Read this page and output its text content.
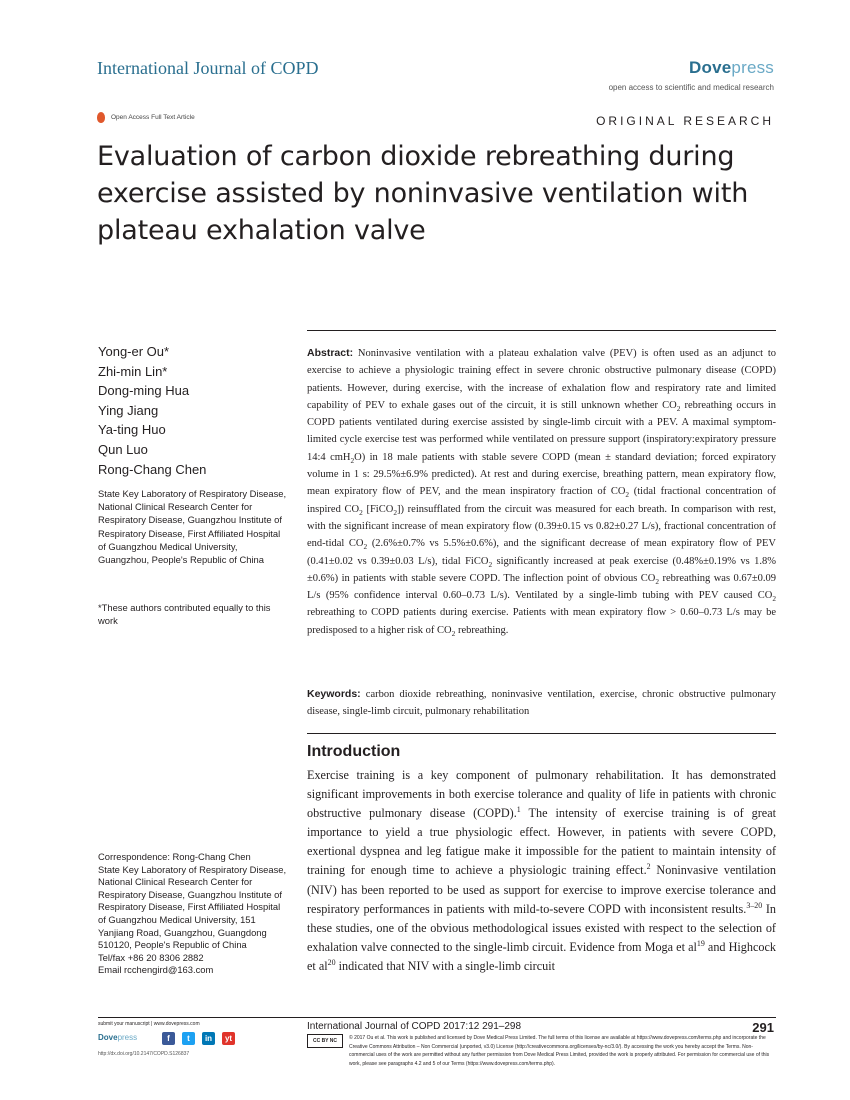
International Journal of COPD	Dovepress
open access to scientific and medical research
Open Access Full Text Article	ORIGINAL RESEARCH
Evaluation of carbon dioxide rebreathing during exercise assisted by noninvasive ventilation with plateau exhalation valve
Yong-er Ou*
Zhi-min Lin*
Dong-ming Hua
Ying Jiang
Ya-ting Huo
Qun Luo
Rong-Chang Chen

State Key Laboratory of Respiratory Disease, National Clinical Research Center for Respiratory Disease, Guangzhou Institute of Respiratory Disease, First Affiliated Hospital of Guangzhou Medical University, Guangzhou, People's Republic of China

*These authors contributed equally to this work

Abstract: Noninvasive ventilation with a plateau exhalation valve (PEV) is often used as an adjunct to exercise to achieve a physiologic training effect in severe chronic obstructive pulmonary disease (COPD) patients. However, during exercise, with the increase of exhalation flow and respiratory rate and limited capability of PEV to exhale gases out of the circuit, it is still unknown whether $CO_2$ rebreathing occurs in COPD patients ventilated during exercise assisted by single-limb circuit with a PEV. A maximal symptom-limited cycle exercise test was performed while ventilated on pressure support (inspiratory:expiratory pressure 14:4 cmH$_2$O) in 18 male patients with stable severe COPD (mean ± standard deviation; forced expiratory volume in 1 s: 29.5%±6.9% predicted). At rest and during exercise, breathing pattern, mean expiratory flow, mean expiratory flow of PEV, and the mean inspiratory fraction of $CO_2$ (tidal fractional concentration of inspired $CO_2$ [FiCO$_2$]) reinsufflated from the circuit was measured for each breath. In comparison with rest, with the significant increase of mean expiratory flow (0.39±0.15 vs 0.82±0.27 L/s), fractional concentration of end-tidal $CO_2$ (2.6%±0.7% vs 5.5%±0.6%), and the significant decrease of mean expiratory flow of PEV (0.41±0.02 vs 0.39±0.03 L/s), tidal FiCO$_2$ significantly increased at peak exercise (0.48%±0.19% vs 1.8%±0.6%) in patients with stable severe COPD. The inflection point of obvious $CO_2$ rebreathing was 0.67±0.09 L/s (95% confidence interval 0.60–0.73 L/s). Ventilated by a single-limb tubing with PEV caused $CO_2$ rebreathing to COPD patients during exercise. Patients with mean expiratory flow > 0.60–0.73 L/s may be predisposed to a higher risk of $CO_2$ rebreathing.

Keywords: carbon dioxide rebreathing, noninvasive ventilation, exercise, chronic obstructive pulmonary disease, single-limb circuit, pulmonary rehabilitation

Introduction

Exercise training is a key component of pulmonary rehabilitation. It has demonstrated significant improvements in both exercise tolerance and quality of life in patients with chronic obstructive pulmonary disease (COPD).$^1$ The intensity of exercise training is of great importance to yield a true physiologic effect. However, in patients with severe COPD, exertional dyspnea and leg fatigue make it impossible for the patient to maintain intensity of training for enough time to achieve a physiologic training effect.$^2$ Noninvasive ventilation (NIV) has been reported to be used as support for exercise to improve exercise tolerance and respiratory performances in patients with mild-to-severe COPD with inconsistent results.$^{3-20}$ In these studies, one of the obvious methodological issues existed with respect to the selection of exhalation valve connected to the single-limb circuit. Evidence from Moga et $al^{19}$ and Highcock et $al^{20}$ indicated that NIV with a single-limb circuit

Correspondence: Rong-Chang Chen
State Key Laboratory of Respiratory Disease, National Clinical Research Center for Respiratory Disease, Guangzhou Institute of Respiratory Disease, First Affiliated Hospital of Guangzhou Medical University, 151 Yanjiang Road, Guangzhou, Guangdong 510120, People's Republic of China
Tel/fax +86 20 8306 2882
Email rcchengird@163.com
submit your manuscript | www.dovepress.com
Dovepress	f	t	in	yt
http://dx.doi.org/10.2147/COPD.S126837
International Journal of COPD 2017:12 291–298	291
CC BY NC	© 2017 Ou et al. This work is published and licensed by Dove Medical Press Limited. The full terms of this license are available at https://www.dovepress.com/terms.php and incorporate the Creative Commons Attribution – Non Commercial (unported, v3.0) License (http://creativecommons.org/licenses/by-nc/3.0/). By accessing the work you hereby accept the Terms. Non-commercial uses of the work are permitted without any further permission from Dove Medical Press Limited, provided the work is properly attributed. For permission for commercial use of this work, please see paragraphs 4.2 and 5 of our Terms (https://www.dovepress.com/terms.php).
